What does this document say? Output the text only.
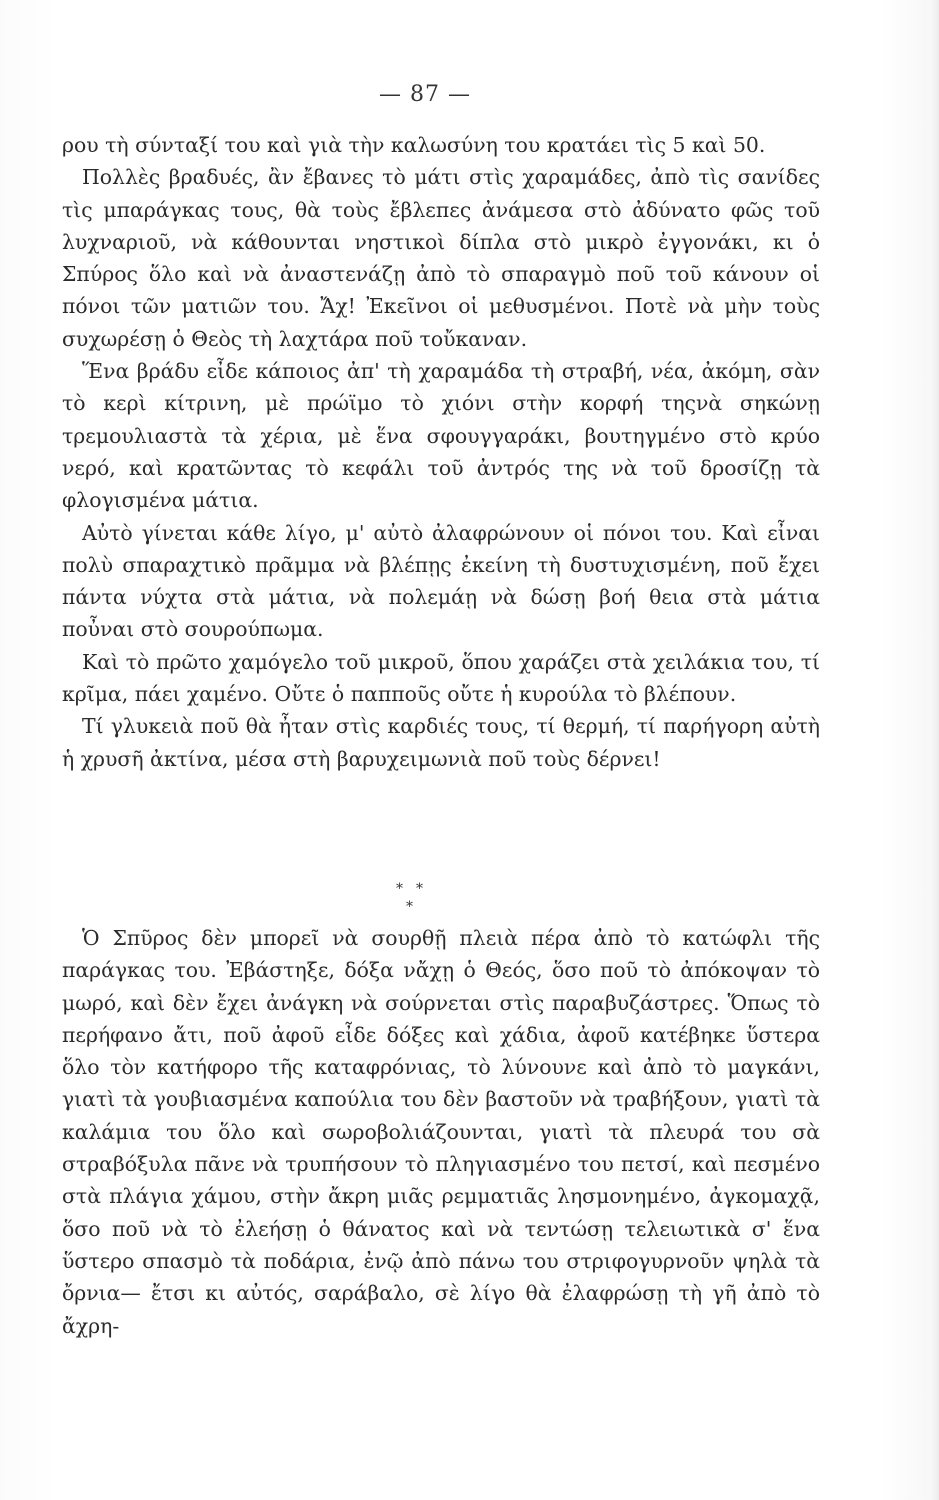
— 87 —

ρου τὴ σύνταξί του καὶ γιὰ τὴν καλωσύνη του κρατάει τὶς 5 καὶ 50.

Πολλὲς βραδυές, ἂν ἔβανες τὸ μάτι στὶς χαραμάδες, ἀπὸ τὶς σανίδες τὶς μπαράγκας τους, θὰ τοὺς ἔβλεπες ἀνάμεσα στὸ ἀδύνατο φῶς τοῦ λυχναριοῦ, νὰ κάθουνται νηστικοὶ δίπλα στὸ μικρὸ ἐγγονάκι, κι ὁ Σπύρος ὅλο καὶ νὰ ἀναστενάζῃ ἀπὸ τὸ σπαραγμὸ ποῦ τοῦ κάνουν οἱ πόνοι τῶν ματιῶν του. Ἄχ! Ἐκεῖνοι οἱ μεθυσμένοι. Ποτὲ νὰ μὴν τοὺς συχωρέσῃ ὁ Θεὸς τὴ λαχτάρα ποῦ τοὔκαναν.

Ἕνα βράδυ εἶδε κάποιος ἀπ' τὴ χαραμάδα τὴ στραβή, νέα, ἀκόμη, σὰν τὸ κερὶ κίτρινη, μὲ πρώϊμο τὸ χιόνι στὴν κορφή τηςνὰ σηκώνῃ τρεμουλιαστὰ τὰ χέρια, μὲ ἕνα σφουγγαράκι, βουτηγμένο στὸ κρύο νερό, καὶ κρατῶντας τὸ κεφάλι τοῦ ἀντρός της νὰ τοῦ δροσίζῃ τὰ φλογισμένα μάτια.

Αὐτὸ γίνεται κάθε λίγο, μ' αὐτὸ ἀλαφρώνουν οἱ πόνοι του. Καὶ εἶναι πολὺ σπαραχτικὸ πρᾶμμα νὰ βλέπῃς ἐκείνη τὴ δυστυχισμένη, ποῦ ἔχει πάντα νύχτα στὰ μάτια, νὰ πολεμάῃ νὰ δώσῃ βοή θεια στὰ μάτια ποὖναι στὸ σουρούπωμα.

Καὶ τὸ πρῶτο χαμόγελο τοῦ μικροῦ, ὅπου χαράζει στὰ χειλάκια του, τί κρῖμα, πάει χαμένο. Οὔτε ὁ παπποῦς οὔτε ἡ κυρούλα τὸ βλέπουν.

Τί γλυκειὰ ποῦ θὰ ἦταν στὶς καρδιές τους, τί θερμή, τί παρήγορη αὐτὴ ἡ χρυσῆ ἀκτίνα, μέσα στὴ βαρυχειμωνιὰ ποῦ τοὺς δέρνει!

* *
*

Ὁ Σπῦρος δὲν μπορεῖ νὰ σουρθῇ πλειὰ πέρα ἀπὸ τὸ κατώφλι τῆς παράγκας του. Ἐβάστηξε, δόξα νἄχῃ ὁ Θεός, ὅσο ποῦ τὸ ἀπόκοψαν τὸ μωρό, καὶ δὲν ἔχει ἀνάγκη νὰ σούρνεται στὶς παραβυζάστρες. Ὅπως τὸ περήφανο ἄτι, ποῦ ἀφοῦ εἶδε δόξες καὶ χάδια, ἀφοῦ κατέβηκε ὕστερα ὅλο τὸν κατήφορο τῆς καταφρόνιας, τὸ λύνουνε καὶ ἀπὸ τὸ μαγκάνι, γιατὶ τὰ γουβιασμένα καπούλια του δὲν βαστοῦν νὰ τραβήξουν, γιατὶ τὰ καλάμια του ὅλο καὶ σωροβολιάζουνται, γιατὶ τὰ πλευρά του σὰ στραβόξυλα πᾶνε νὰ τρυπήσουν τὸ πληγιασμένο του πετσί, καὶ πεσμένο στὰ πλάγια χάμου, στὴν ἄκρη μιᾶς ρεμματιᾶς λησμονημένο, ἀγκομαχᾷ, ὅσο ποῦ νὰ τὸ ἐλεήσῃ ὁ θάνατος καὶ νὰ τεντώσῃ τελειωτικὰ σ' ἕνα ὕστερο σπασμὸ τὰ ποδάρια, ἐνῷ ἀπὸ πάνω του στριφογυρνοῦν ψηλὰ τὰ ὄρνια— ἔτσι κι αὐτός, σαράβαλο, σὲ λίγο θὰ ἐλαφρώσῃ τὴ γῆ ἀπὸ τὸ ἄχρη-
